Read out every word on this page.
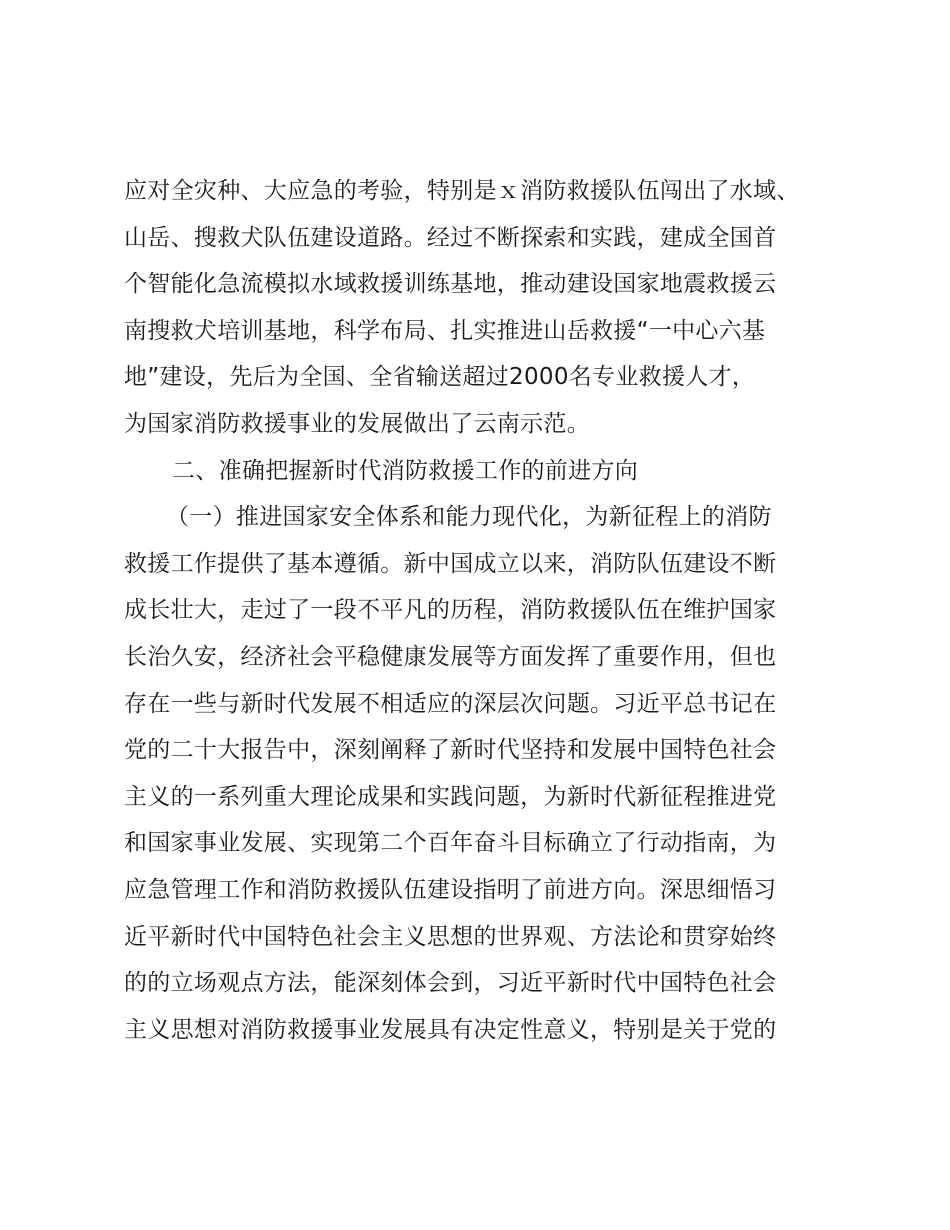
应对全灾种、大应急的考验，特别是ｘ消防救援队伍闯出了水域、
山岳、搜救犬队伍建设道路。经过不断探索和实践，建成全国首
个智能化急流模拟水域救援训练基地，推动建设国家地震救援云
南搜救犬培训基地，科学布局、扎实推进山岳救援“一中心六基
地”建设，先后为全国、全省输送超过2000名专业救援人才，
为国家消防救援事业的发展做出了云南示范。
二、准确把握新时代消防救援工作的前进方向
（一）推进国家安全体系和能力现代化，为新征程上的消防
救援工作提供了基本遵循。新中国成立以来，消防队伍建设不断
成长壮大，走过了一段不平凡的历程，消防救援队伍在维护国家
长治久安，经济社会平稳健康发展等方面发挥了重要作用，但也
存在一些与新时代发展不相适应的深层次问题。习近平总书记在
党的二十大报告中，深刻阐释了新时代坚持和发展中国特色社会
主义的一系列重大理论成果和实践问题，为新时代新征程推进党
和国家事业发展、实现第二个百年奋斗目标确立了行动指南，为
应急管理工作和消防救援队伍建设指明了前进方向。深思细悟习
近平新时代中国特色社会主义思想的世界观、方法论和贯穿始终
的的立场观点方法，能深刻体会到，习近平新时代中国特色社会
主义思想对消防救援事业发展具有决定性意义，特别是关于党的
